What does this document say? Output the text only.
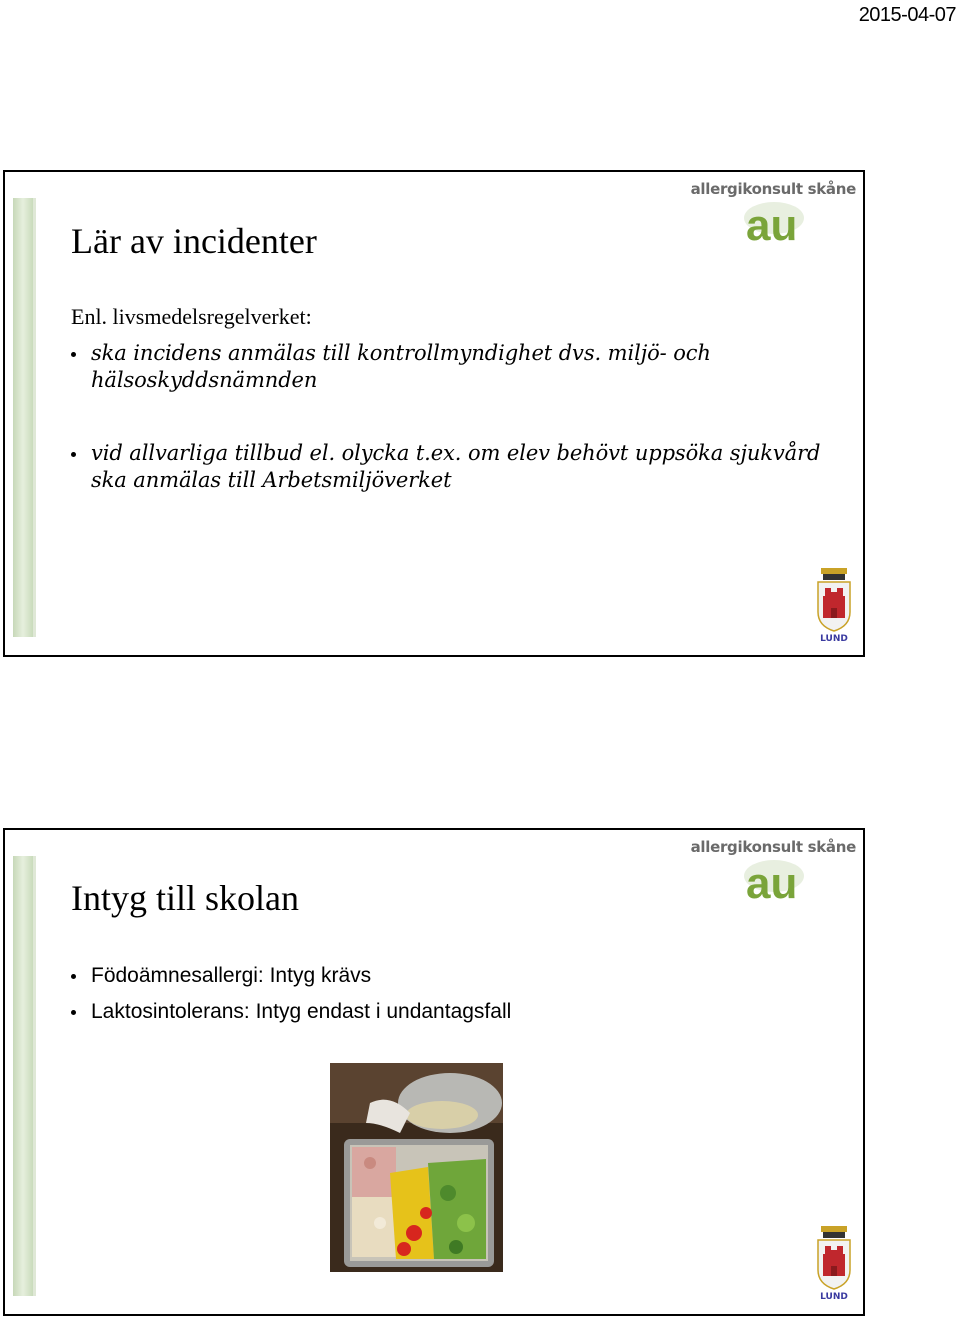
2015-04-07
allergikonsult skåne
au
Lär av incidenter
Enl. livsmedelsregelverket:
ska incidens anmälas till kontrollmyndighet dvs. miljö- och hälsoskyddsnämnden
vid allvarliga tillbud el. olycka t.ex. om elev behövt uppsöka sjukvård ska anmälas till Arbetsmiljöverket
LUND
allergikonsult skåne
au
Intyg till skolan
Födoämnesallergi: Intyg krävs
Laktosintolerans: Intyg endast i undantagsfall
LUND
